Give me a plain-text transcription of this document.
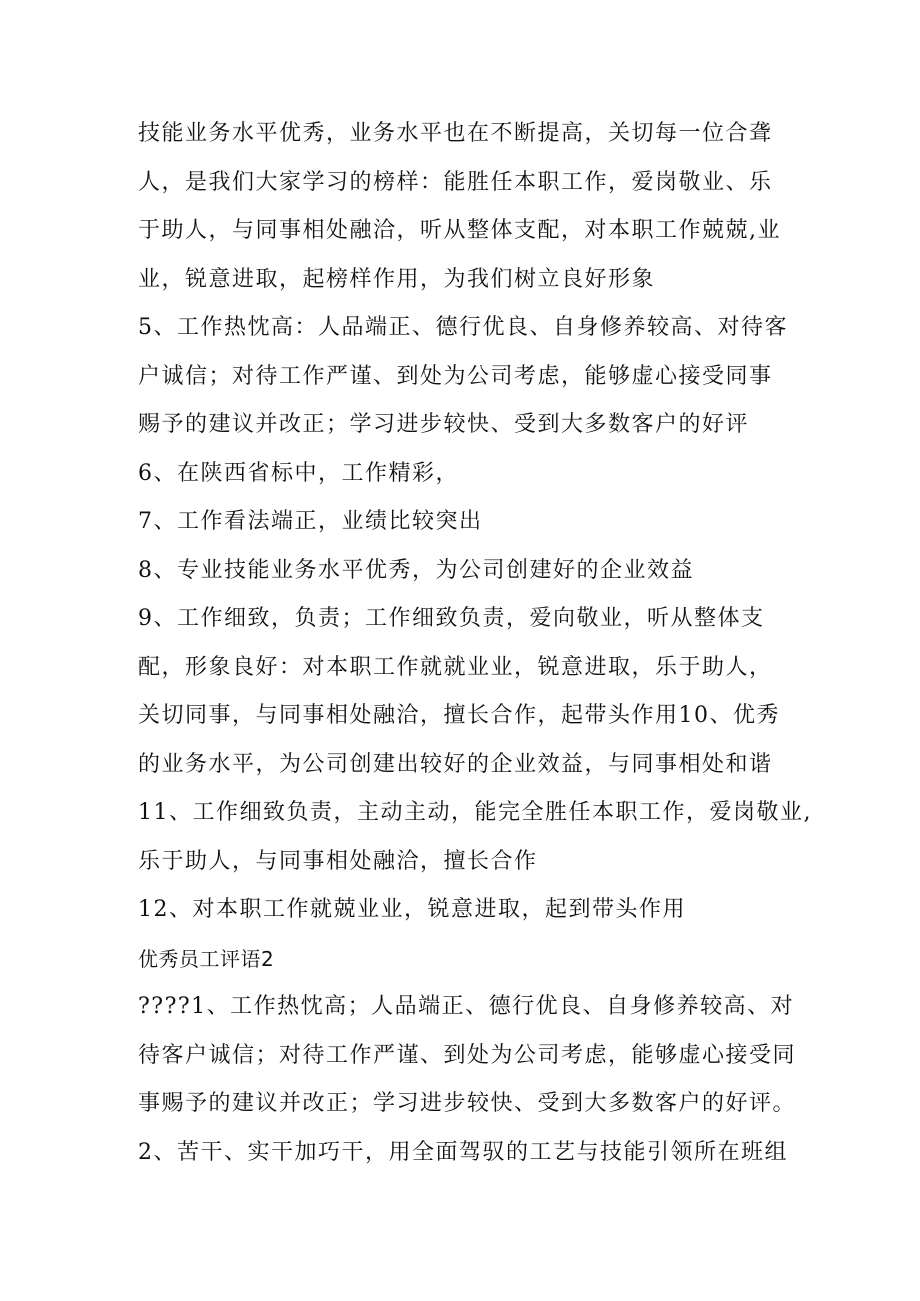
技能业务水平优秀，业务水平也在不断提高，关切每一位合聋

人，是我们大家学习的榜样：能胜任本职工作，爱岗敬业、乐

于助人，与同事相处融洽，听从整体支配，对本职工作兢兢,业

业，锐意进取，起榜样作用，为我们树立良好形象

5、工作热忱高：人品端正、德行优良、自身修养较高、对待客

户诚信；对待工作严谨、到处为公司考虑，能够虚心接受同事

赐予的建议并改正；学习进步较快、受到大多数客户的好评

6、在陕西省标中，工作精彩，

7、工作看法端正，业绩比较突出

8、专业技能业务水平优秀，为公司创建好的企业效益

9、工作细致，负责；工作细致负责，爱向敬业，听从整体支

配，形象良好：对本职工作就就业业，锐意进取，乐于助人，

关切同事，与同事相处融洽，擅长合作，起带头作用10、优秀

的业务水平，为公司创建出较好的企业效益，与同事相处和谐

11、工作细致负责，主动主动，能完全胜任本职工作，爱岗敬业,

乐于助人，与同事相处融洽，擅长合作

12、对本职工作就兢业业，锐意进取，起到带头作用

优秀员工评语2

????1、工作热忱高；人品端正、德行优良、自身修养较高、对

待客户诚信；对待工作严谨、到处为公司考虑，能够虚心接受同

事赐予的建议并改正；学习进步较快、受到大多数客户的好评。

2、苦干、实干加巧干，用全面驾驭的工艺与技能引领所在班组
